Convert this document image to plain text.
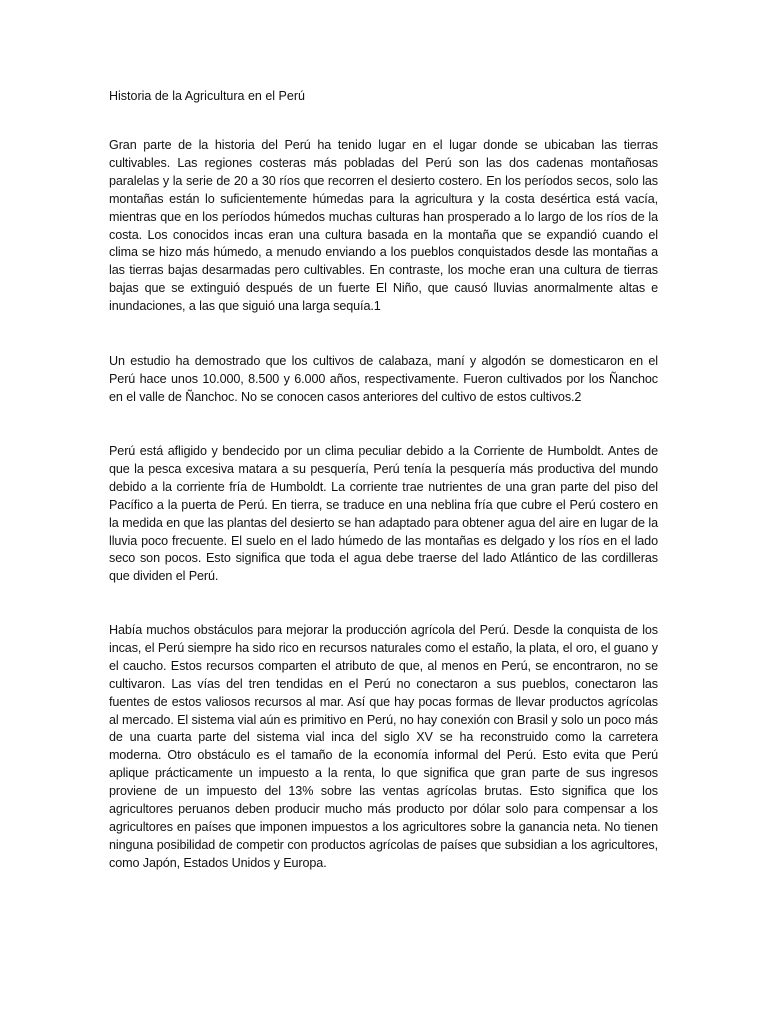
Historia de la Agricultura en el Perú

Gran parte de la historia del Perú ha tenido lugar en el lugar donde se ubicaban las tierras cultivables. Las regiones costeras más pobladas del Perú son las dos cadenas montañosas paralelas y la serie de 20 a 30 ríos que recorren el desierto costero. En los períodos secos, solo las montañas están lo suficientemente húmedas para la agricultura y la costa desértica está vacía, mientras que en los períodos húmedos muchas culturas han prosperado a lo largo de los ríos de la costa. Los conocidos incas eran una cultura basada en la montaña que se expandió cuando el clima se hizo más húmedo, a menudo enviando a los pueblos conquistados desde las montañas a las tierras bajas desarmadas pero cultivables. En contraste, los moche eran una cultura de tierras bajas que se extinguió después de un fuerte El Niño, que causó lluvias anormalmente altas e inundaciones, a las que siguió una larga sequía.1

Un estudio ha demostrado que los cultivos de calabaza, maní y algodón se domesticaron en el Perú hace unos 10.000, 8.500 y 6.000 años, respectivamente. Fueron cultivados por los Ñanchoc en el valle de Ñanchoc. No se conocen casos anteriores del cultivo de estos cultivos.2

Perú está afligido y bendecido por un clima peculiar debido a la Corriente de Humboldt. Antes de que la pesca excesiva matara a su pesquería, Perú tenía la pesquería más productiva del mundo debido a la corriente fría de Humboldt. La corriente trae nutrientes de una gran parte del piso del Pacífico a la puerta de Perú. En tierra, se traduce en una neblina fría que cubre el Perú costero en la medida en que las plantas del desierto se han adaptado para obtener agua del aire en lugar de la lluvia poco frecuente. El suelo en el lado húmedo de las montañas es delgado y los ríos en el lado seco son pocos. Esto significa que toda el agua debe traerse del lado Atlántico de las cordilleras que dividen el Perú.

Había muchos obstáculos para mejorar la producción agrícola del Perú. Desde la conquista de los incas, el Perú siempre ha sido rico en recursos naturales como el estaño, la plata, el oro, el guano y el caucho. Estos recursos comparten el atributo de que, al menos en Perú, se encontraron, no se cultivaron. Las vías del tren tendidas en el Perú no conectaron a sus pueblos, conectaron las fuentes de estos valiosos recursos al mar. Así que hay pocas formas de llevar productos agrícolas al mercado. El sistema vial aún es primitivo en Perú, no hay conexión con Brasil y solo un poco más de una cuarta parte del sistema vial inca del siglo XV se ha reconstruido como la carretera moderna. Otro obstáculo es el tamaño de la economía informal del Perú. Esto evita que Perú aplique prácticamente un impuesto a la renta, lo que significa que gran parte de sus ingresos proviene de un impuesto del 13% sobre las ventas agrícolas brutas. Esto significa que los agricultores peruanos deben producir mucho más producto por dólar solo para compensar a los agricultores en países que imponen impuestos a los agricultores sobre la ganancia neta. No tienen ninguna posibilidad de competir con productos agrícolas de países que subsidian a los agricultores, como Japón, Estados Unidos y Europa.
